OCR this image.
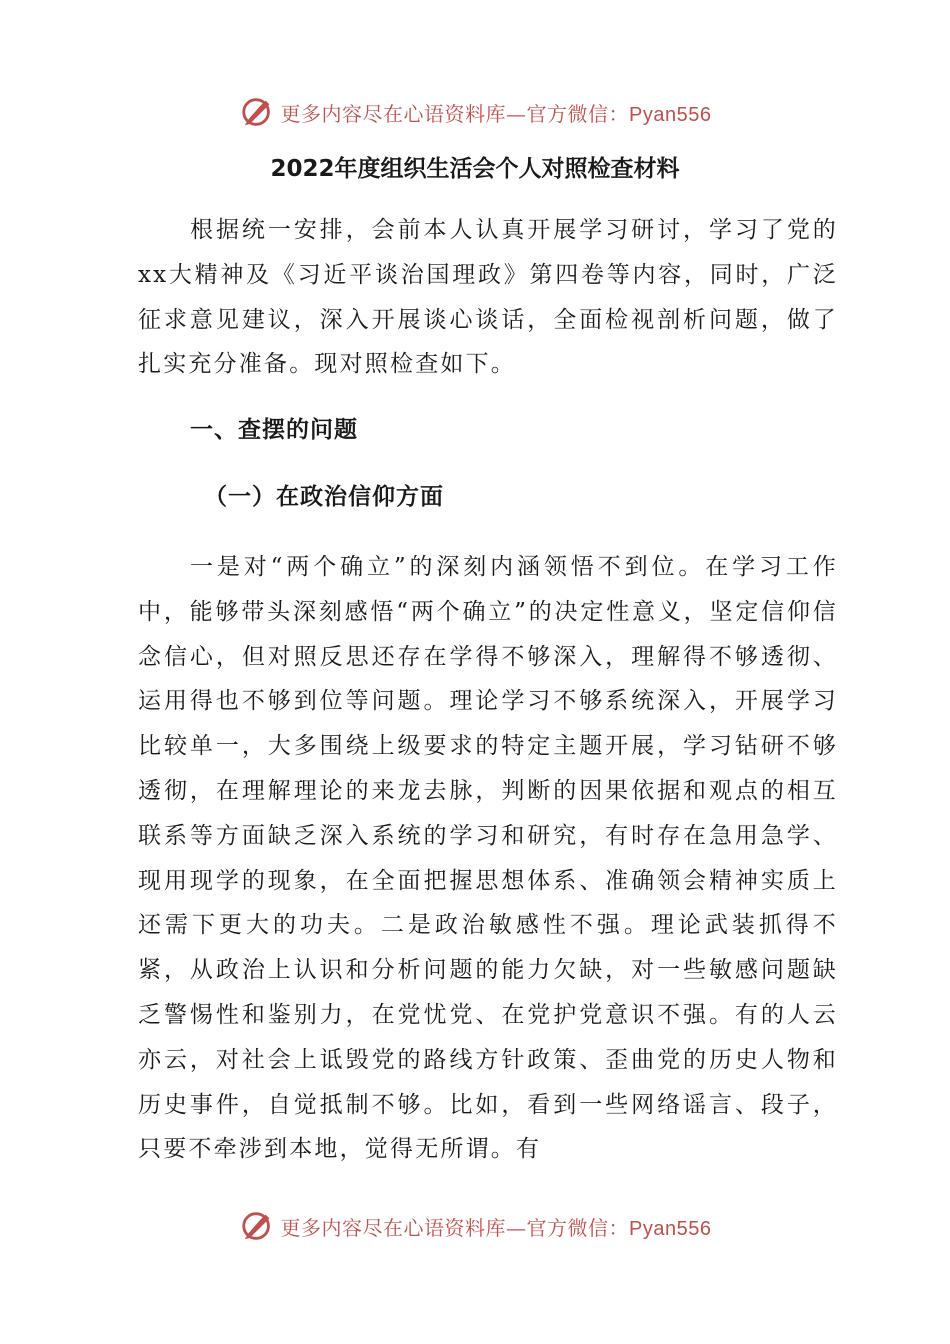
更多内容尽在心语资料库—官方微信：Pyan556
2022年度组织生活会个人对照检查材料

根据统一安排，会前本人认真开展学习研讨，学习了党的xx大精神及《习近平谈治国理政》第四卷等内容，同时，广泛征求意见建议，深入开展谈心谈话，全面检视剖析问题，做了扎实充分准备。现对照检查如下。

一、查摆的问题
（一）在政治信仰方面

一是对“两个确立”的深刻内涵领悟不到位。在学习工作中，能够带头深刻感悟“两个确立”的决定性意义，坚定信仰信念信心，但对照反思还存在学得不够深入，理解得不够透彻、运用得也不够到位等问题。理论学习不够系统深入，开展学习比较单一，大多围绕上级要求的特定主题开展，学习钻研不够透彻，在理解理论的来龙去脉，判断的因果依据和观点的相互联系等方面缺乏深入系统的学习和研究，有时存在急用急学、现用现学的现象，在全面把握思想体系、准确领会精神实质上还需下更大的功夫。二是政治敏感性不强。理论武装抓得不紧，从政治上认识和分析问题的能力欠缺，对一些敏感问题缺乏警惕性和鉴别力，在党忧党、在党护党意识不强。有的人云亦云，对社会上诋毁党的路线方针政策、歪曲党的历史人物和历史事件，自觉抵制不够。比如，看到一些网络谣言、段子，只要不牵涉到本地，觉得无所谓。有

更多内容尽在心语资料库—官方微信：Pyan556
